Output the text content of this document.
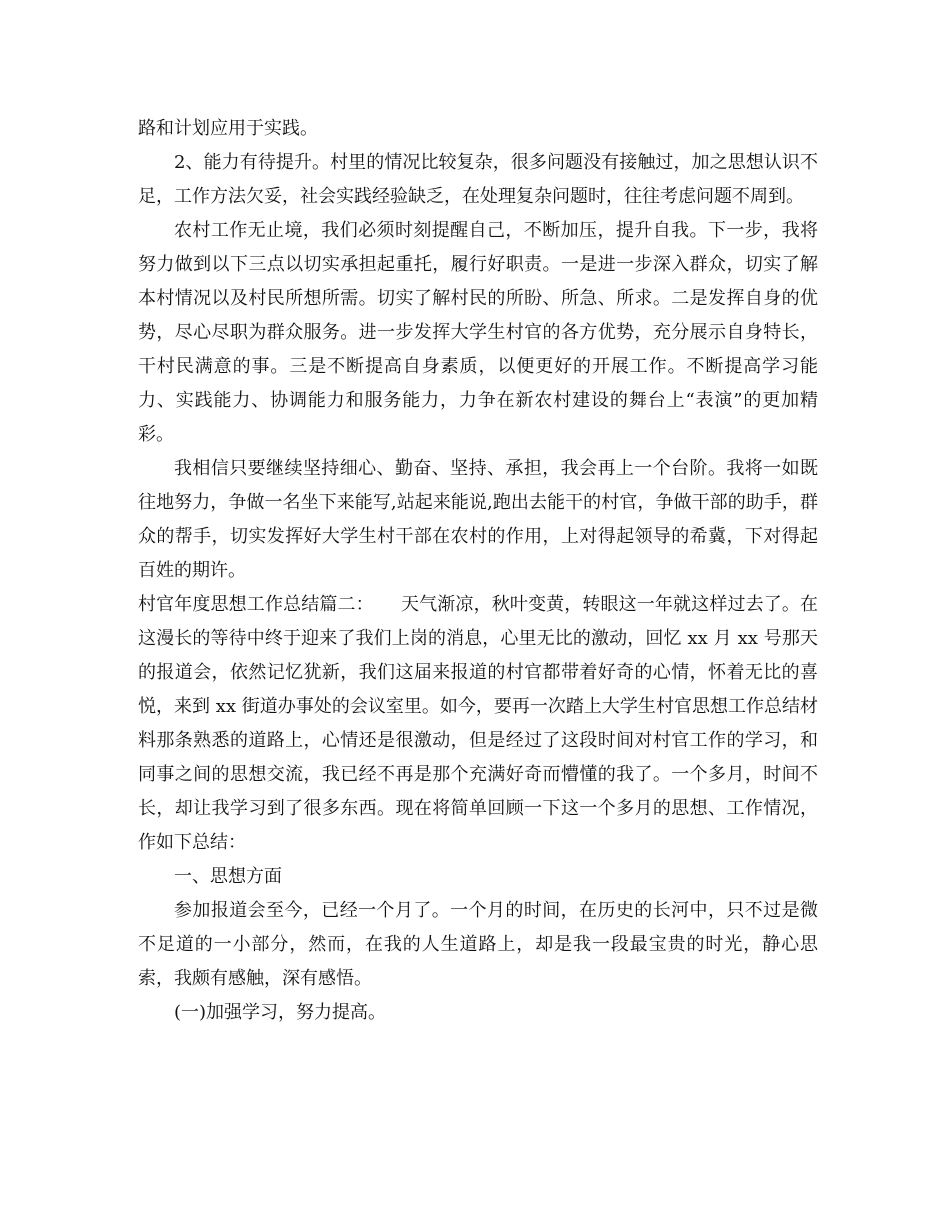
路和计划应用于实践。

2、能力有待提升。村里的情况比较复杂，很多问题没有接触过，加之思想认识不足，工作方法欠妥，社会实践经验缺乏，在处理复杂问题时，往往考虑问题不周到。

农村工作无止境，我们必须时刻提醒自己，不断加压，提升自我。下一步，我将努力做到以下三点以切实承担起重托，履行好职责。一是进一步深入群众，切实了解本村情况以及村民所想所需。切实了解村民的所盼、所急、所求。二是发挥自身的优势，尽心尽职为群众服务。进一步发挥大学生村官的各方优势，充分展示自身特长，干村民满意的事。三是不断提高自身素质，以便更好的开展工作。不断提高学习能力、实践能力、协调能力和服务能力，力争在新农村建设的舞台上“表演”的更加精彩。

我相信只要继续坚持细心、勤奋、坚持、承担，我会再上一个台阶。我将一如既往地努力，争做一名坐下来能写,站起来能说,跑出去能干的村官，争做干部的助手，群众的帮手，切实发挥好大学生村干部在农村的作用，上对得起领导的希冀，下对得起百姓的期许。

村官年度思想工作总结篇二：　　天气渐凉，秋叶变黄，转眼这一年就这样过去了。在这漫长的等待中终于迎来了我们上岗的消息，心里无比的激动，回忆 xx 月 xx 号那天的报道会，依然记忆犹新，我们这届来报道的村官都带着好奇的心情，怀着无比的喜悦，来到 xx 街道办事处的会议室里。如今，要再一次踏上大学生村官思想工作总结材料那条熟悉的道路上，心情还是很激动，但是经过了这段时间对村官工作的学习，和同事之间的思想交流，我已经不再是那个充满好奇而懵懂的我了。一个多月，时间不长，却让我学习到了很多东西。现在将简单回顾一下这一个多月的思想、工作情况，作如下总结：

一、思想方面

参加报道会至今，已经一个月了。一个月的时间，在历史的长河中，只不过是微不足道的一小部分，然而，在我的人生道路上，却是我一段最宝贵的时光，静心思索，我颇有感触，深有感悟。

(一)加强学习，努力提高。
